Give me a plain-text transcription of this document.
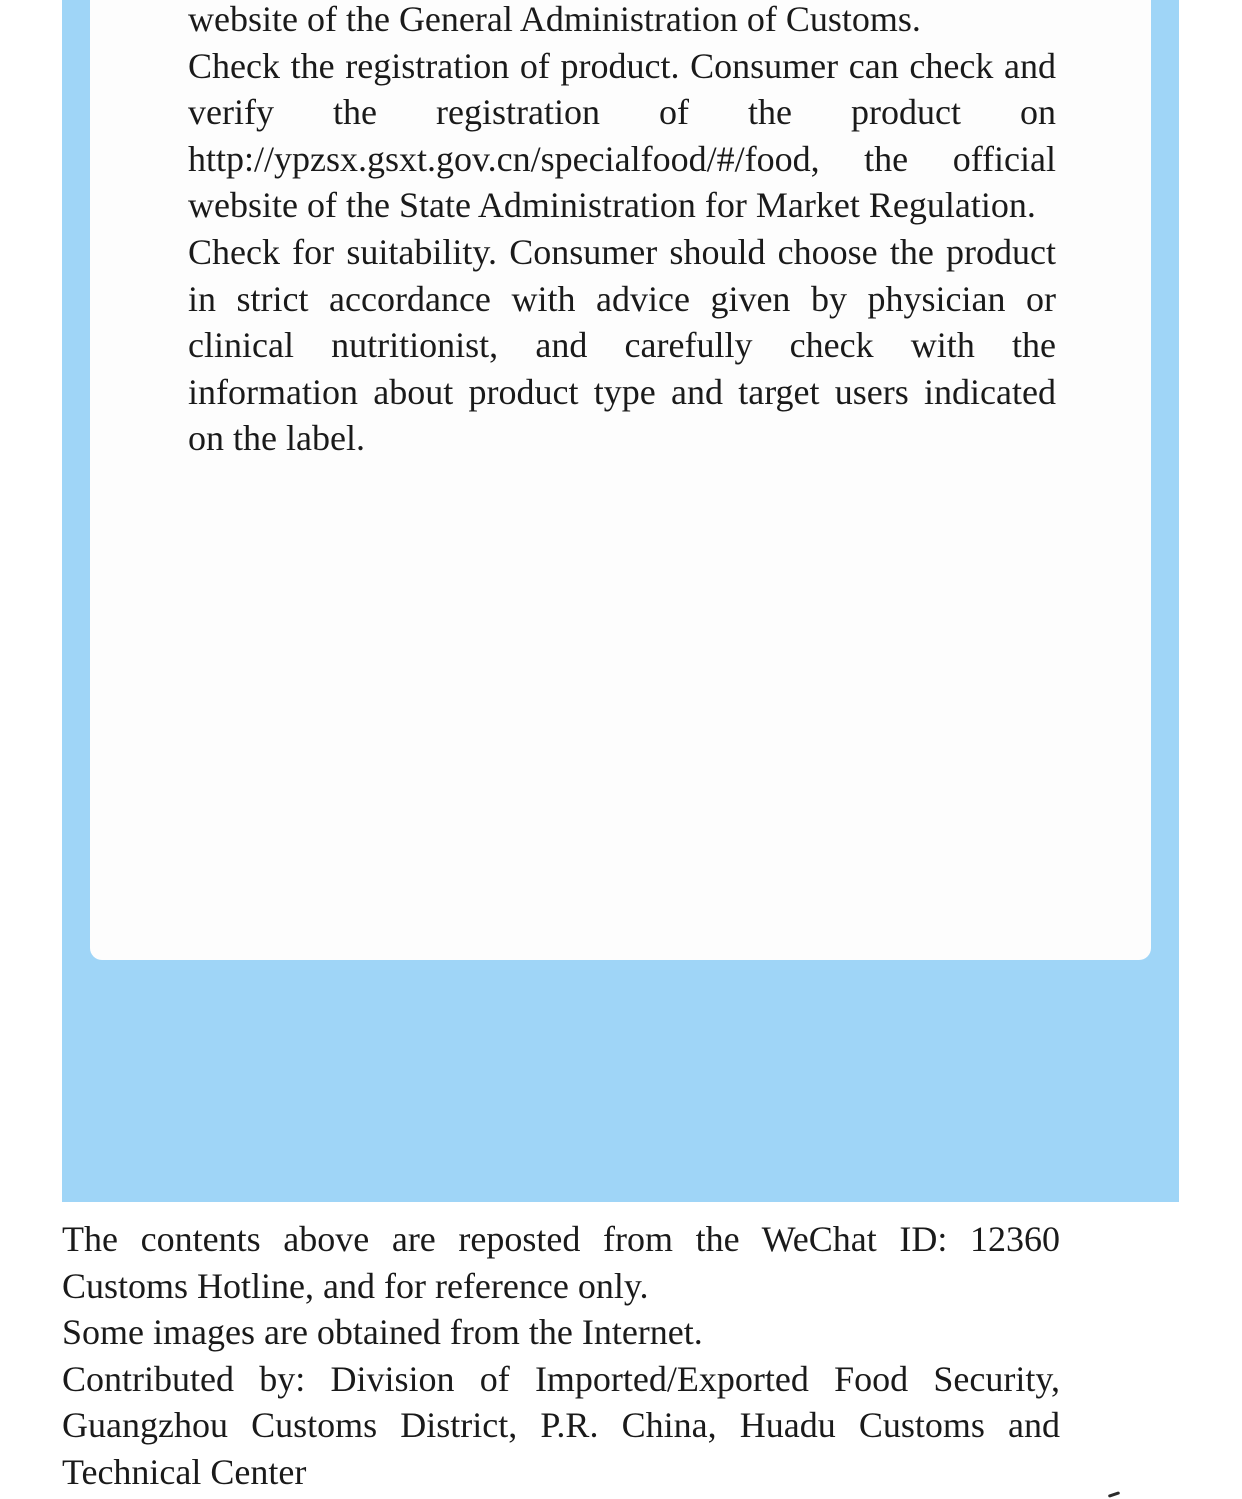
website of the General Administration of Customs.

Check the registration of product. Consumer can check and verify the registration of the product on http://ypzsx.gsxt.gov.cn/specialfood/#/food, the official website of the State Administration for Market Regulation.

Check for suitability. Consumer should choose the product in strict accordance with advice given by physician or clinical nutritionist, and carefully check with the information about product type and target users indicated on the label.

The contents above are reposted from the WeChat ID: 12360 Customs Hotline, and for reference only.

Some images are obtained from the Internet.

Contributed by: Division of Imported/Exported Food Security, Guangzhou Customs District, P.R. China, Huadu Customs and Technical Center
